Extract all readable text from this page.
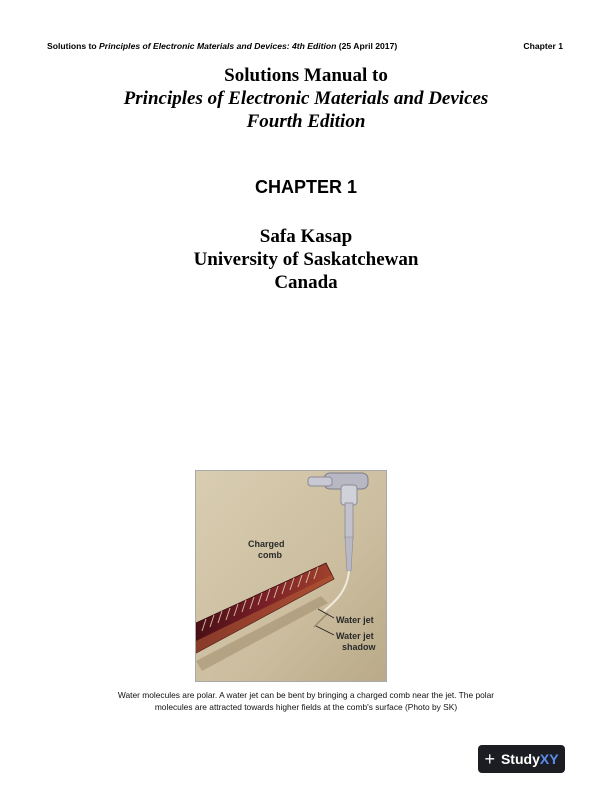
Solutions to Principles of Electronic Materials and Devices: 4th Edition (25 April 2017)	Chapter 1
Solutions Manual to
Principles of Electronic Materials and Devices
Fourth Edition
CHAPTER 1
Safa Kasap
University of Saskatchewan
Canada
Charged
comb
Water jet
Water jet
shadow
Water molecules are polar. A water jet can be bent by bringing a charged comb near the jet. The polar
molecules are attracted towards higher fields at the comb's surface (Photo by SK)
+ StudyXY
